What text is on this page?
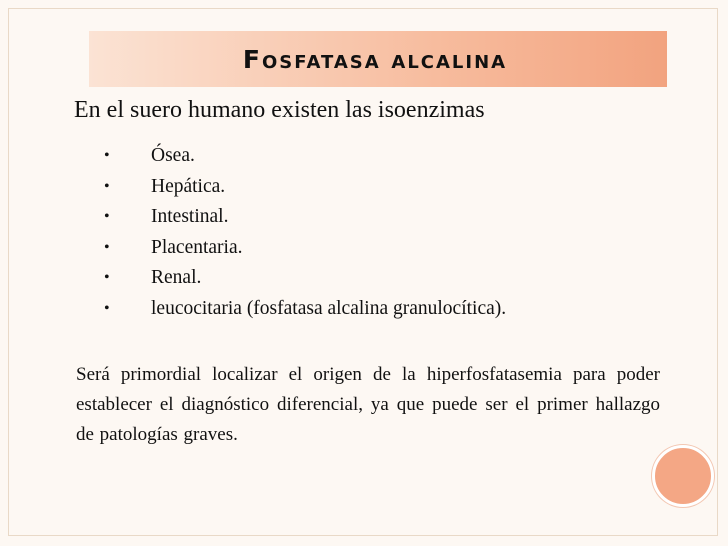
Fosfatasa alcalina

En el suero humano existen las isoenzimas

• Ósea.
• Hepática.
• Intestinal.
• Placentaria.
• Renal.
• leucocitaria (fosfatasa alcalina granulocítica).

Será primordial localizar el origen de la hiperfosfatasemia para poder establecer el diagnóstico diferencial, ya que puede ser el primer hallazgo de patologías graves.
